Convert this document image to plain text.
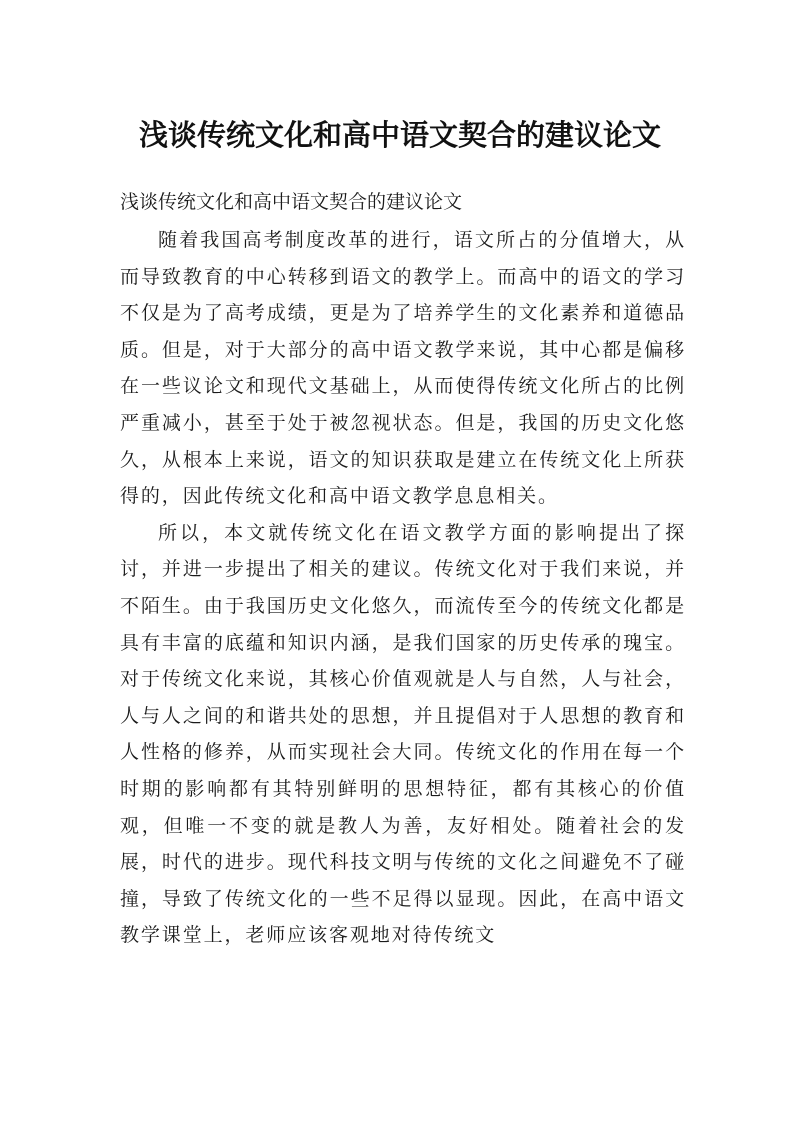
浅谈传统文化和高中语文契合的建议论文

浅谈传统文化和高中语文契合的建议论文

随着我国高考制度改革的进行，语文所占的分值增大，从而导致教育的中心转移到语文的教学上。而高中的语文的学习不仅是为了高考成绩，更是为了培养学生的文化素养和道德品质。但是，对于大部分的高中语文教学来说，其中心都是偏移在一些议论文和现代文基础上，从而使得传统文化所占的比例严重减小，甚至于处于被忽视状态。但是，我国的历史文化悠久，从根本上来说，语文的知识获取是建立在传统文化上所获得的，因此传统文化和高中语文教学息息相关。

所以，本文就传统文化在语文教学方面的影响提出了探讨，并进一步提出了相关的建议。传统文化对于我们来说，并不陌生。由于我国历史文化悠久，而流传至今的传统文化都是具有丰富的底蕴和知识内涵，是我们国家的历史传承的瑰宝。对于传统文化来说，其核心价值观就是人与自然，人与社会，人与人之间的和谐共处的思想，并且提倡对于人思想的教育和人性格的修养，从而实现社会大同。传统文化的作用在每一个时期的影响都有其特别鲜明的思想特征，都有其核心的价值观，但唯一不变的就是教人为善，友好相处。随着社会的发展，时代的进步。现代科技文明与传统的文化之间避免不了碰撞，导致了传统文化的一些不足得以显现。因此，在高中语文教学课堂上，老师应该客观地对待传统文
